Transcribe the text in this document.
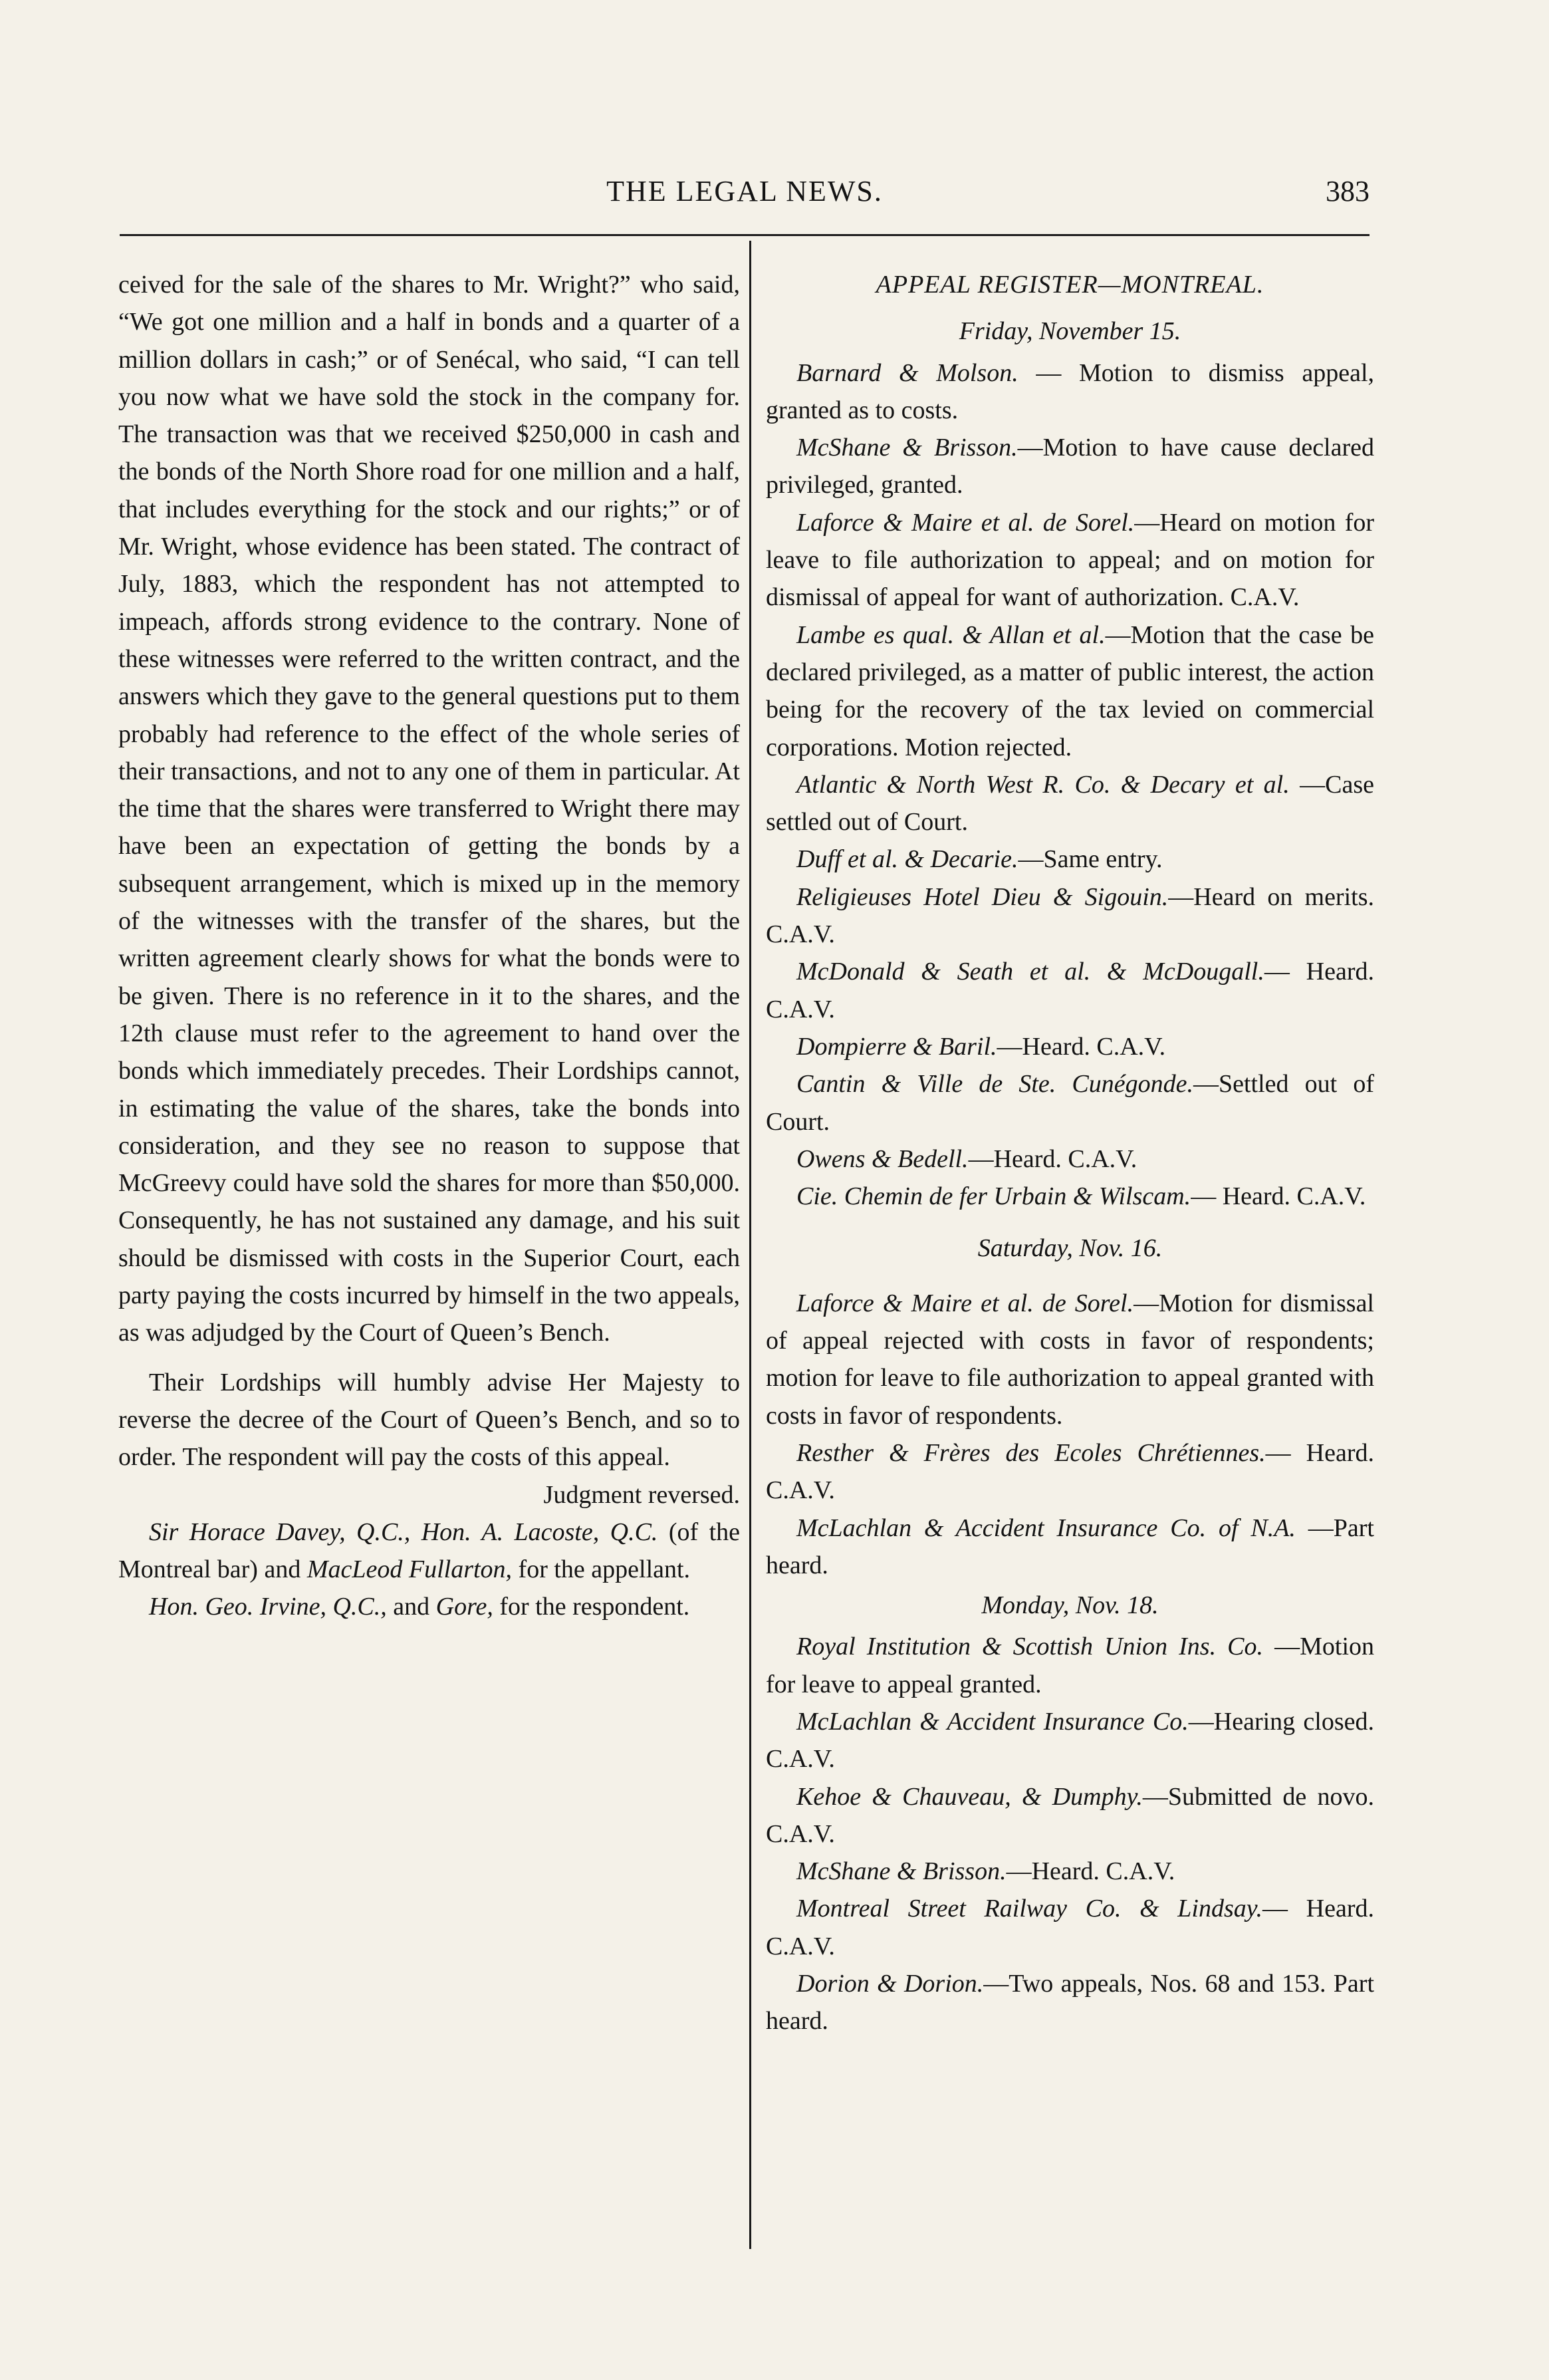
THE LEGAL NEWS.	383

ceived for the sale of the shares to Mr. Wright?” who said, “We got one million and a half in bonds and a quarter of a million dollars in cash;” or of Senécal, who said, “I can tell you now what we have sold the stock in the company for. The transaction was that we received $250,000 in cash and the bonds of the North Shore road for one million and a half, that includes everything for the stock and our rights;” or of Mr. Wright, whose evidence has been stated. The contract of July, 1883, which the respondent has not attempted to impeach, affords strong evidence to the contrary. None of these witnesses were referred to the written contract, and the answers which they gave to the general questions put to them probably had reference to the effect of the whole series of their transactions, and not to any one of them in particular. At the time that the shares were transferred to Wright there may have been an expectation of getting the bonds by a subsequent arrangement, which is mixed up in the memory of the witnesses with the transfer of the shares, but the written agreement clearly shows for what the bonds were to be given. There is no reference in it to the shares, and the 12th clause must refer to the agreement to hand over the bonds which immediately precedes. Their Lordships cannot, in estimating the value of the shares, take the bonds into consideration, and they see no reason to suppose that McGreevy could have sold the shares for more than $50,000. Consequently, he has not sustained any damage, and his suit should be dismissed with costs in the Superior Court, each party paying the costs incurred by himself in the two appeals, as was adjudged by the Court of Queen’s Bench.

Their Lordships will humbly advise Her Majesty to reverse the decree of the Court of Queen’s Bench, and so to order. The respondent will pay the costs of this appeal.

Judgment reversed.

Sir Horace Davey, Q.C., Hon. A. Lacoste, Q.C. (of the Montreal bar) and MacLeod Fullarton, for the appellant.

Hon. Geo. Irvine, Q.C., and Gore, for the respondent.

APPEAL REGISTER—MONTREAL.

Friday, November 15.

Barnard & Molson. — Motion to dismiss appeal, granted as to costs.

McShane & Brisson.—Motion to have cause declared privileged, granted.

Laforce & Maire et al. de Sorel.—Heard on motion for leave to file authorization to appeal; and on motion for dismissal of appeal for want of authorization. C.A.V.

Lambe es qual. & Allan et al.—Motion that the case be declared privileged, as a matter of public interest, the action being for the recovery of the tax levied on commercial corporations. Motion rejected.

Atlantic & North West R. Co. & Decary et al. —Case settled out of Court.

Duff et al. & Decarie.—Same entry.

Religieuses Hotel Dieu & Sigouin.—Heard on merits. C.A.V.

McDonald & Seath et al. & McDougall.— Heard. C.A.V.

Dompierre & Baril.—Heard. C.A.V.

Cantin & Ville de Ste. Cunégonde.—Settled out of Court.

Owens & Bedell.—Heard. C.A.V.

Cie. Chemin de fer Urbain & Wilscam.— Heard. C.A.V.

Saturday, Nov. 16.

Laforce & Maire et al. de Sorel.—Motion for dismissal of appeal rejected with costs in favor of respondents; motion for leave to file authorization to appeal granted with costs in favor of respondents.

Resther & Frères des Ecoles Chrétiennes.— Heard. C.A.V.

McLachlan & Accident Insurance Co. of N.A. —Part heard.

Monday, Nov. 18.

Royal Institution & Scottish Union Ins. Co. —Motion for leave to appeal granted.

McLachlan & Accident Insurance Co.—Hearing closed. C.A.V.

Kehoe & Chauveau, & Dumphy.—Submitted de novo. C.A.V.

McShane & Brisson.—Heard. C.A.V.

Montreal Street Railway Co. & Lindsay.— Heard. C.A.V.

Dorion & Dorion.—Two appeals, Nos. 68 and 153. Part heard.
